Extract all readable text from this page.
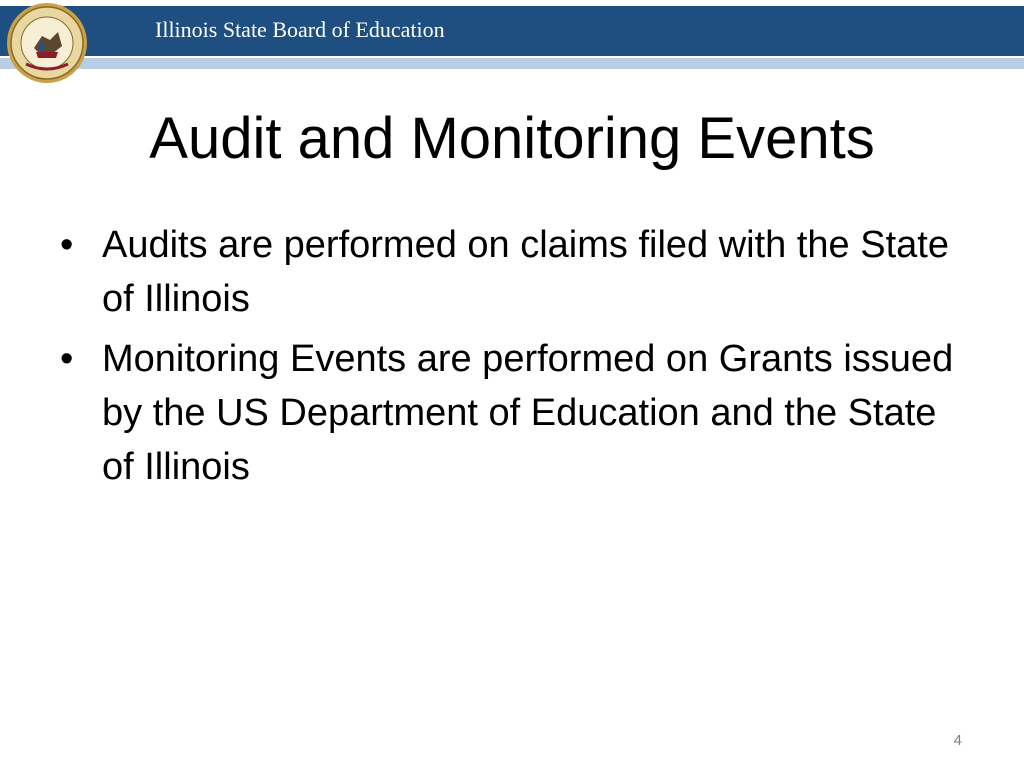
Illinois State Board of Education
Audit and Monitoring Events
• Audits are performed on claims filed with the State of Illinois
• Monitoring Events are performed on Grants issued by the US Department of Education and the State of Illinois
4
